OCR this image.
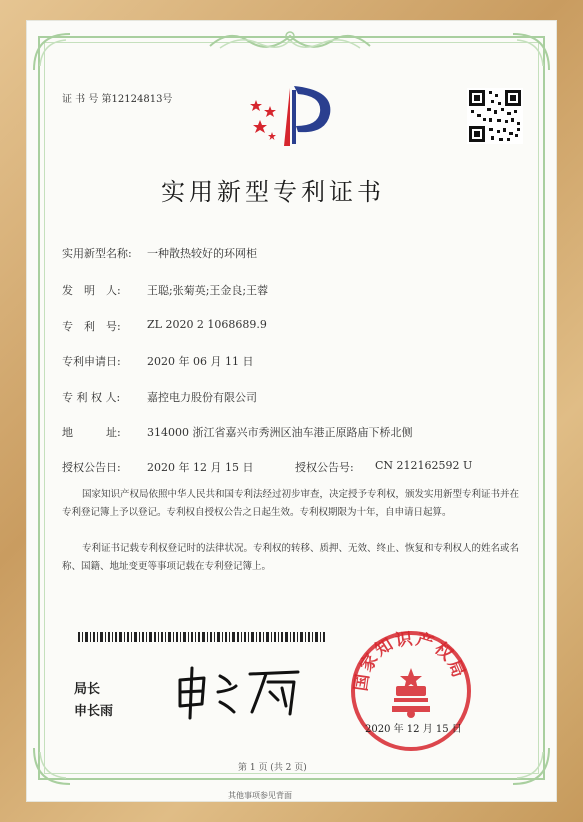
证 书 号 第12124813号
实用新型专利证书
实用新型名称: 一种散热较好的环网柜
发　明　人: 王聪;张菊英;王金良;王蓉
专　利　号: ZL 2020 2 1068689.9
专利申请日: 2020 年 06 月 11 日
专 利 权 人: 嘉控电力股份有限公司
地　　　址: 314000 浙江省嘉兴市秀洲区油车港正原路庙下桥北侧
授权公告日: 2020 年 12 月 15 日	授权公告号: CN 212162592 U
国家知识产权局依照中华人民共和国专利法经过初步审查，决定授予专利权，颁发实用新型专利证书并在专利登记簿上予以登记。专利权自授权公告之日起生效。专利权期限为十年，自申请日起算。
专利证书记载专利权登记时的法律状况。专利权的转移、质押、无效、终止、恢复和专利权人的姓名或名称、国籍、地址变更等事项记载在专利登记簿上。
局长
申长雨
国家知识产权局
2020 年 12 月 15 日
第 1 页 (共 2 页)
其他事项参见背面
